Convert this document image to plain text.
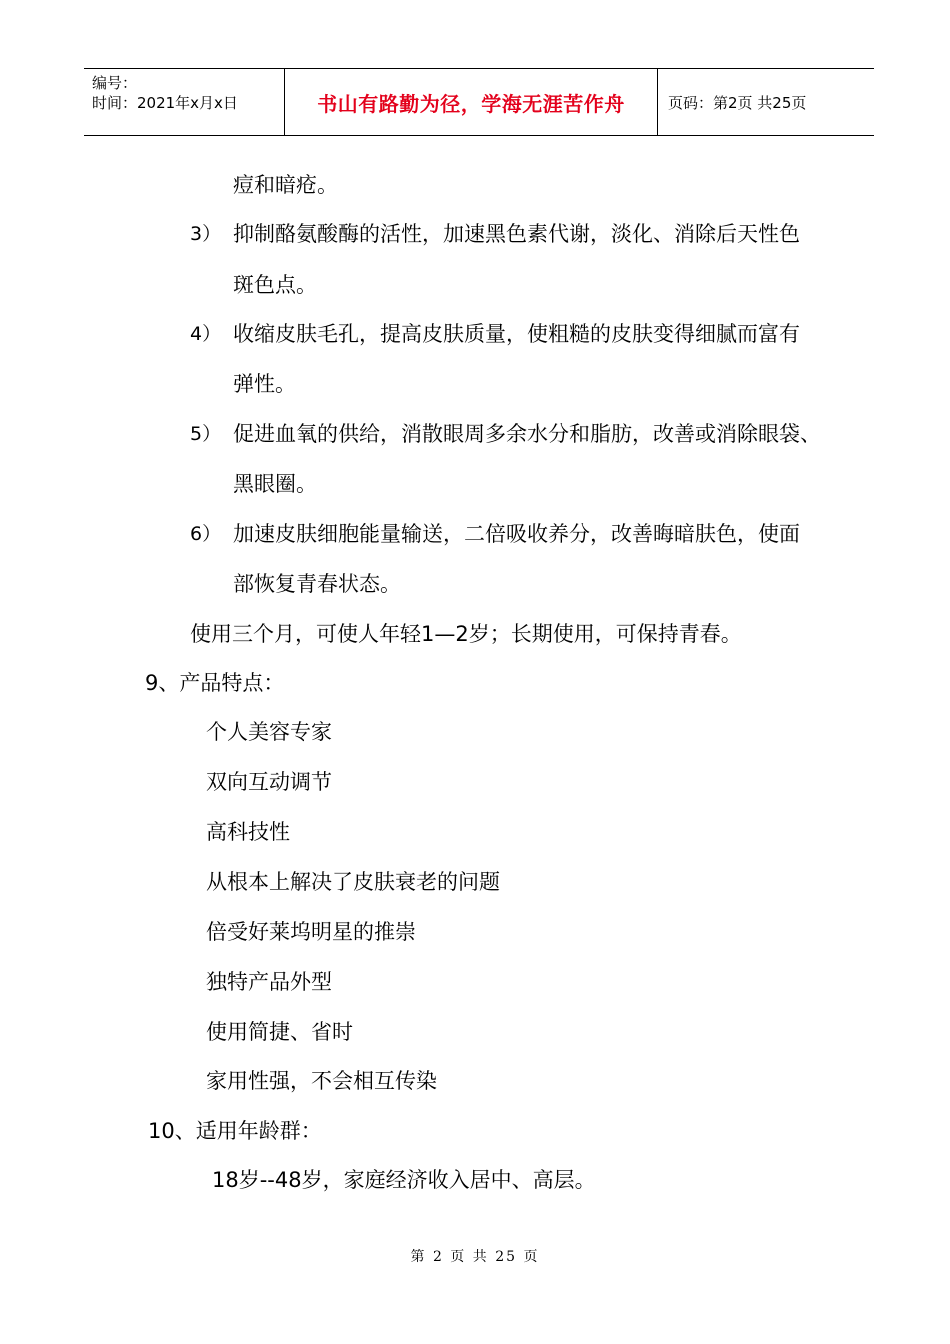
编号：
时间：2021年x月x日	书山有路勤为径，学海无涯苦作舟	页码：第2页 共25页
痘和暗疮。
3） 抑制酪氨酸酶的活性，加速黑色素代谢，淡化、消除后天性色
斑色点。
4） 收缩皮肤毛孔，提高皮肤质量，使粗糙的皮肤变得细腻而富有
弹性。
5） 促进血氧的供给，消散眼周多余水分和脂肪，改善或消除眼袋、
黑眼圈。
6） 加速皮肤细胞能量输送，二倍吸收养分，改善晦暗肤色，使面
部恢复青春状态。
使用三个月，可使人年轻1—2岁；长期使用，可保持青春。
9、产品特点：
个人美容专家
双向互动调节
高科技性
从根本上解决了皮肤衰老的问题
倍受好莱坞明星的推崇
独特产品外型
使用简捷、省时
家用性强，不会相互传染
10、适用年龄群：
18岁--48岁，家庭经济收入居中、高层。
第 2 页 共 25 页
